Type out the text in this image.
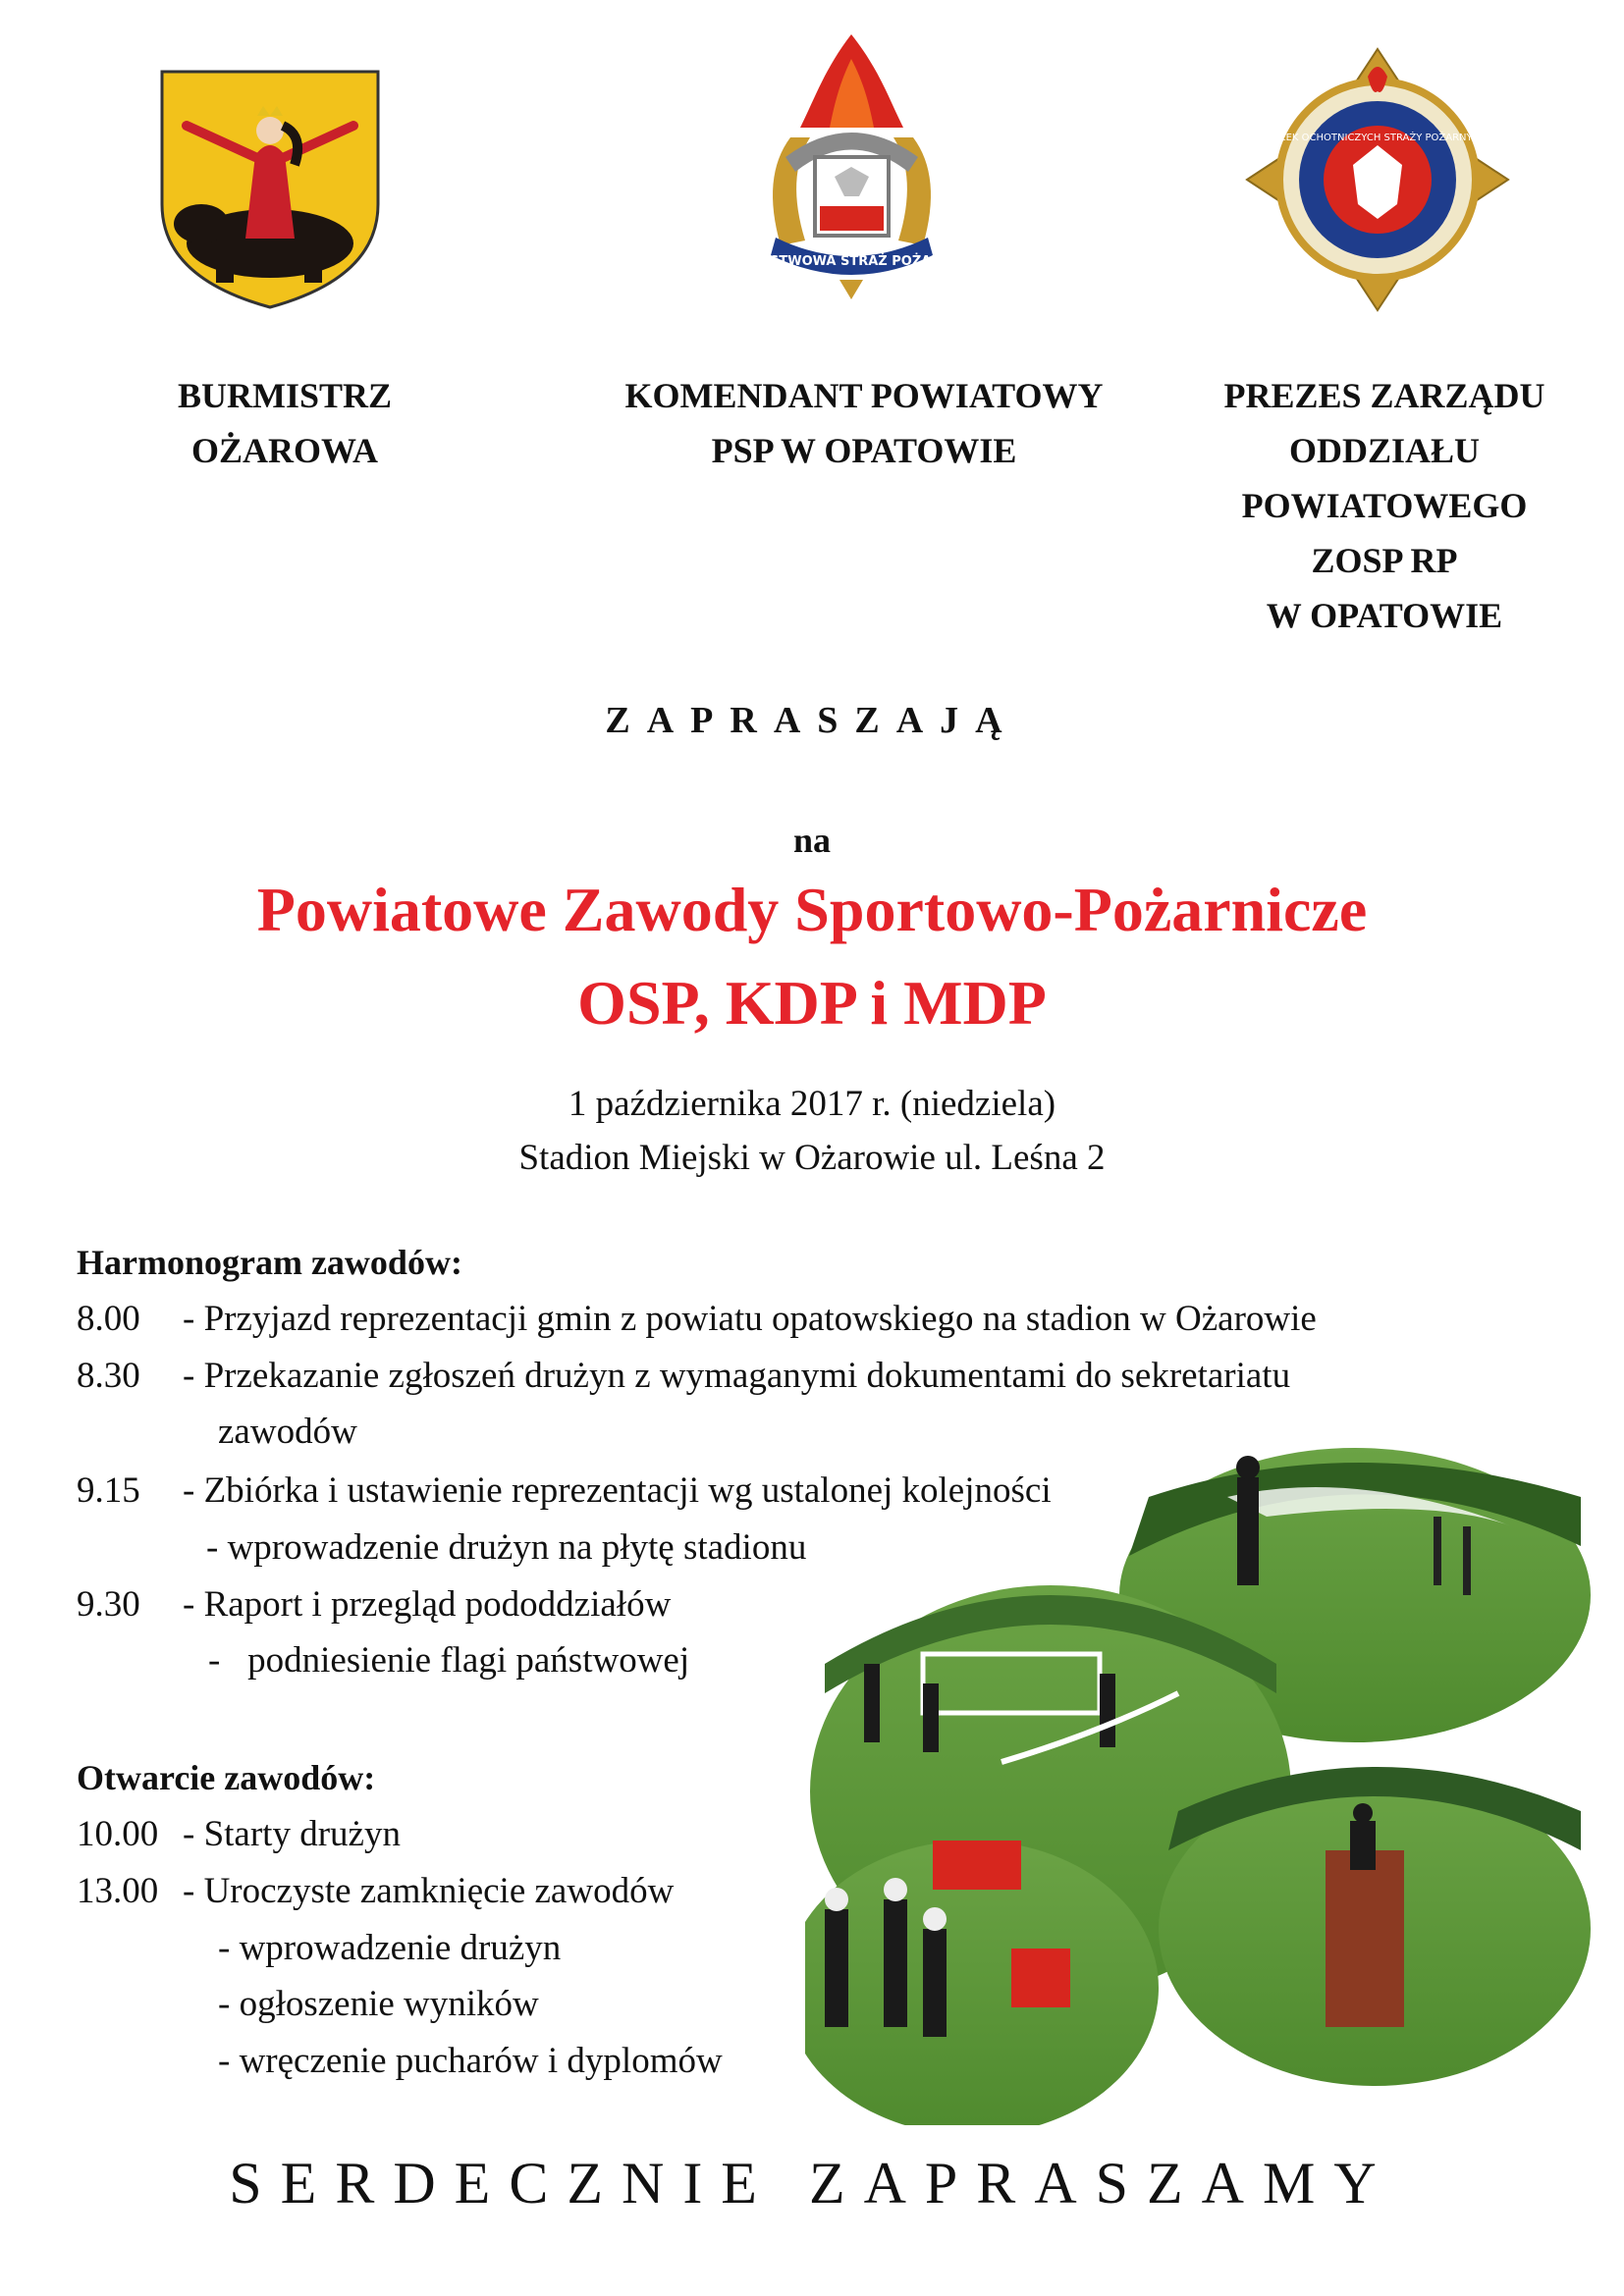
PAŃSTWOWA STRAŻ POŻARNA
ZWIĄZEK OCHOTNICZYCH STRAŻY POŻARNYCH RP
BURMISTRZ
OŻAROWA
KOMENDANT POWIATOWY
PSP W OPATOWIE
PREZES ZARZĄDU
ODDZIAŁU
POWIATOWEGO
ZOSP RP
W OPATOWIE
ZAPRASZAJĄ
na
Powiatowe Zawody Sportowo-Pożarnicze
OSP, KDP i MDP
1 października 2017 r. (niedziela)
Stadion Miejski w Ożarowie ul. Leśna 2
Harmonogram zawodów:
8.00 - Przyjazd reprezentacji gmin z powiatu opatowskiego na stadion w Ożarowie
8.30 - Przekazanie zgłoszeń drużyn z wymaganymi dokumentami do sekretariatu
zawodów
9.15 - Zbiórka i ustawienie reprezentacji wg ustalonej kolejności
- wprowadzenie drużyn na płytę stadionu
9.30 - Raport i przegląd pododdziałów
-   podniesienie flagi państwowej
Otwarcie zawodów:
10.00 - Starty drużyn
13.00 - Uroczyste zamknięcie zawodów
- wprowadzenie drużyn
- ogłoszenie wyników
- wręczenie pucharów i dyplomów
SERDECZNIE ZAPRASZAMY
